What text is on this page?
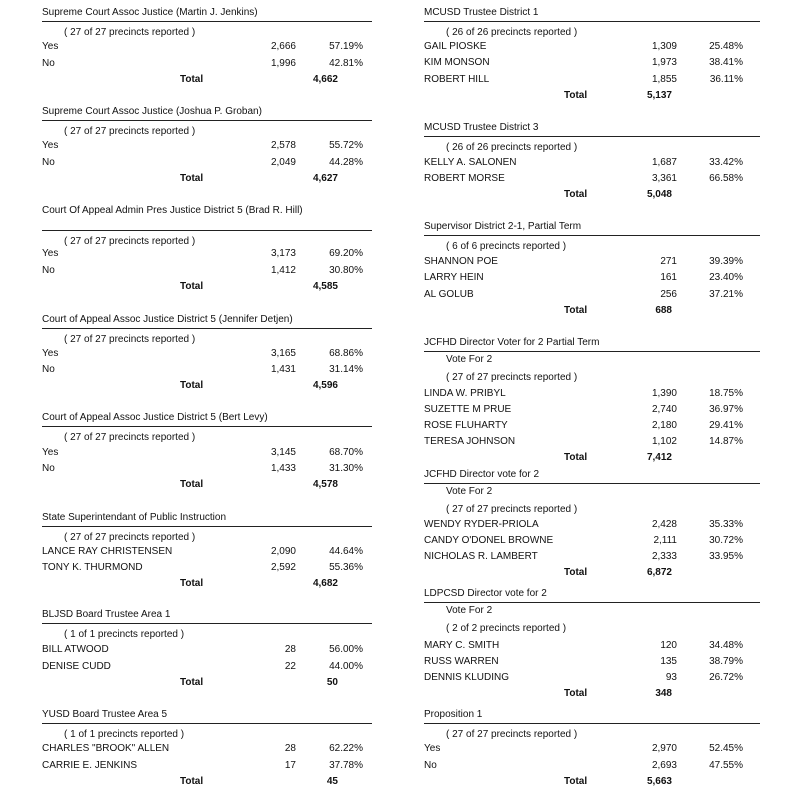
Supreme Court Assoc Justice (Martin J. Jenkins)
( 27 of 27 precincts reported )
Yes	2,666	57.19%
No	1,996	42.81%
Total	4,662
Supreme Court Assoc Justice (Joshua P. Groban)
( 27 of 27 precincts reported )
Yes	2,578	55.72%
No	2,049	44.28%
Total	4,627
Court Of Appeal Admin Pres Justice District 5 (Brad R. Hill)
( 27 of 27 precincts reported )
Yes	3,173	69.20%
No	1,412	30.80%
Total	4,585
Court of Appeal Assoc Justice District 5 (Jennifer Detjen)
( 27 of 27 precincts reported )
Yes	3,165	68.86%
No	1,431	31.14%
Total	4,596
Court of Appeal Assoc Justice District 5 (Bert Levy)
( 27 of 27 precincts reported )
Yes	3,145	68.70%
No	1,433	31.30%
Total	4,578
State Superintendant of Public Instruction
( 27 of 27 precincts reported )
LANCE RAY CHRISTENSEN	2,090	44.64%
TONY K. THURMOND	2,592	55.36%
Total	4,682
BLJSD Board Trustee Area 1
( 1 of 1 precincts reported )
BILL ATWOOD	28	56.00%
DENISE CUDD	22	44.00%
Total	50
YUSD Board Trustee Area 5
( 1 of 1 precincts reported )
CHARLES "BROOK" ALLEN	28	62.22%
CARRIE E. JENKINS	17	37.78%
Total	45
MCUSD Trustee District 1
( 26 of 26 precincts reported )
GAIL PIOSKE	1,309	25.48%
KIM MONSON	1,973	38.41%
ROBERT HILL	1,855	36.11%
Total	5,137
MCUSD Trustee District 3
( 26 of 26 precincts reported )
KELLY A. SALONEN	1,687	33.42%
ROBERT MORSE	3,361	66.58%
Total	5,048
Supervisor District 2-1, Partial Term
( 6 of 6 precincts reported )
SHANNON POE	271	39.39%
LARRY HEIN	161	23.40%
AL GOLUB	256	37.21%
Total	688
JCFHD Director Voter for 2 Partial Term
Vote For 2
( 27 of 27 precincts reported )
LINDA W. PRIBYL	1,390	18.75%
SUZETTE M PRUE	2,740	36.97%
ROSE FLUHARTY	2,180	29.41%
TERESA JOHNSON	1,102	14.87%
Total	7,412
JCFHD Director vote for 2
Vote For 2
( 27 of 27 precincts reported )
WENDY RYDER-PRIOLA	2,428	35.33%
CANDY O'DONEL BROWNE	2,111	30.72%
NICHOLAS R. LAMBERT	2,333	33.95%
Total	6,872
LDPCSD Director vote for 2
Vote For 2
( 2 of 2 precincts reported )
MARY C. SMITH	120	34.48%
RUSS WARREN	135	38.79%
DENNIS KLUDING	93	26.72%
Total	348
Proposition 1
( 27 of 27 precincts reported )
Yes	2,970	52.45%
No	2,693	47.55%
Total	5,663
